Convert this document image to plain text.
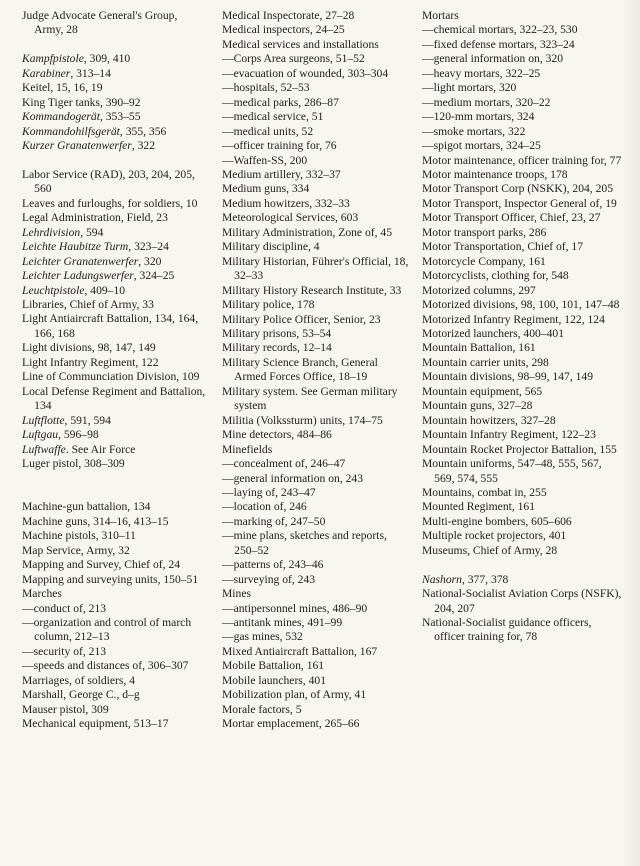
Judge Advocate General's Group, Army, 28
Kampfpistole, 309, 410
Karabiner, 313–14
Keitel, 15, 16, 19
King Tiger tanks, 390–92
Kommandogerät, 353–55
Kommandohilfsgerät, 355, 356
Kurzer Granatenwerfer, 322
Labor Service (RAD), 203, 204, 205, 560
Leaves and furloughs, for soldiers, 10
Legal Administration, Field, 23
Lehrdivision, 594
Leichte Haubitze Turm, 323–24
Leichter Granatenwerfer, 320
Leichter Ladungswerfer, 324–25
Leuchtpistole, 409–10
Libraries, Chief of Army, 33
Light Antiaircraft Battalion, 134, 164, 166, 168
Light divisions, 98, 147, 149
Light Infantry Regiment, 122
Line of Communciation Division, 109
Local Defense Regiment and Battalion, 134
Luftflotte, 591, 594
Luftgau, 596–98
Luftwaffe. See Air Force
Luger pistol, 308–309
Machine-gun battalion, 134
Machine guns, 314–16, 413–15
Machine pistols, 310–11
Map Service, Army, 32
Mapping and Survey, Chief of, 24
Mapping and surveying units, 150–51
Marches
—conduct of, 213
—organization and control of march column, 212–13
—security of, 213
—speeds and distances of, 306–307
Marriages, of soldiers, 4
Marshall, George C., d–g
Mauser pistol, 309
Mechanical equipment, 513–17
Medical Inspectorate, 27–28
Medical inspectors, 24–25
Medical services and installations
—Corps Area surgeons, 51–52
—evacuation of wounded, 303–304
—hospitals, 52–53
—medical parks, 286–87
—medical service, 51
—medical units, 52
—officer training for, 76
—Waffen-SS, 200
Medium artillery, 332–37
Medium guns, 334
Medium howitzers, 332–33
Meteorological Services, 603
Military Administration, Zone of, 45
Military discipline, 4
Military Historian, Führer's Official, 18, 32–33
Military History Research Institute, 33
Military police, 178
Military Police Officer, Senior, 23
Military prisons, 53–54
Military records, 12–14
Military Science Branch, General Armed Forces Office, 18–19
Military system. See German military system
Militia (Volkssturm) units, 174–75
Mine detectors, 484–86
Minefields
—concealment of, 246–47
—general information on, 243
—laying of, 243–47
—location of, 246
—marking of, 247–50
—mine plans, sketches and reports, 250–52
—patterns of, 243–46
—surveying of, 243
Mines
—antipersonnel mines, 486–90
—antitank mines, 491–99
—gas mines, 532
Mixed Antiaircraft Battalion, 167
Mobile Battalion, 161
Mobile launchers, 401
Mobilization plan, of Army, 41
Morale factors, 5
Mortar emplacement, 265–66
Mortars
—chemical mortars, 322–23, 530
—fixed defense mortars, 323–24
—general information on, 320
—heavy mortars, 322–25
—light mortars, 320
—medium mortars, 320–22
—120-mm mortars, 324
—smoke mortars, 322
—spigot mortars, 324–25
Motor maintenance, officer training for, 77
Motor maintenance troops, 178
Motor Transport Corp (NSKK), 204, 205
Motor Transport, Inspector General of, 19
Motor Transport Officer, Chief, 23, 27
Motor transport parks, 286
Motor Transportation, Chief of, 17
Motorcycle Company, 161
Motorcyclists, clothing for, 548
Motorized columns, 297
Motorized divisions, 98, 100, 101, 147–48
Motorized Infantry Regiment, 122, 124
Motorized launchers, 400–401
Mountain Battalion, 161
Mountain carrier units, 298
Mountain divisions, 98–99, 147, 149
Mountain equipment, 565
Mountain guns, 327–28
Mountain howitzers, 327–28
Mountain Infantry Regiment, 122–23
Mountain Rocket Projector Battalion, 155
Mountain uniforms, 547–48, 555, 567, 569, 574, 555
Mountains, combat in, 255
Mounted Regiment, 161
Multi-engine bombers, 605–606
Multiple rocket projectors, 401
Museums, Chief of Army, 28
Nashorn, 377, 378
National-Socialist Aviation Corps (NSFK), 204, 207
National-Socialist guidance officers, officer training for, 78
